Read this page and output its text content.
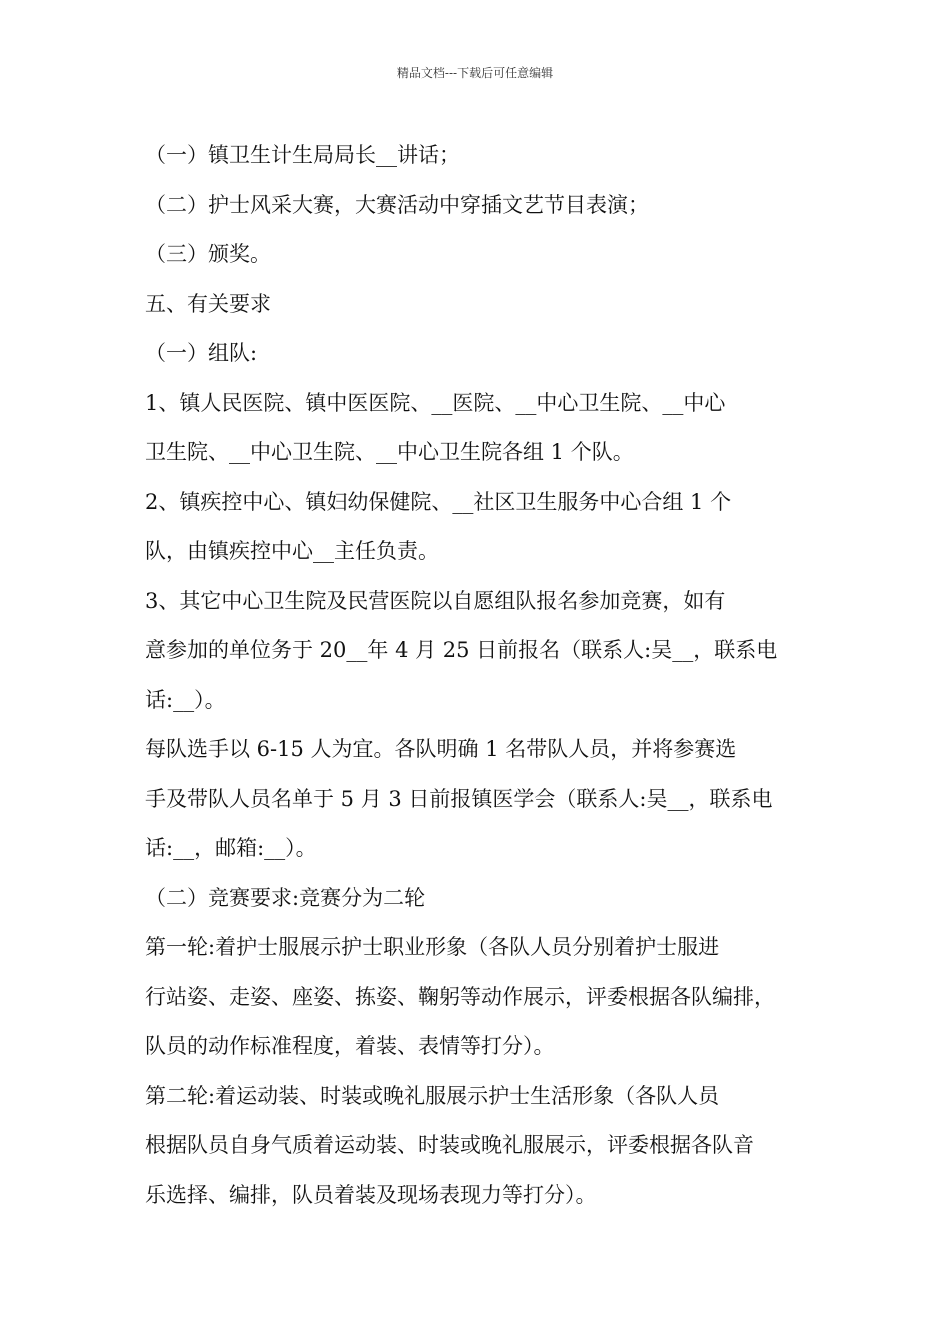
精品文档---下载后可任意编辑
（一）镇卫生计生局局长__讲话；
（二）护士风采大赛，大赛活动中穿插文艺节目表演；
（三）颁奖。
五、有关要求
（一）组队:
1、镇人民医院、镇中医医院、__医院、__中心卫生院、__中心
卫生院、__中心卫生院、__中心卫生院各组 1 个队。
2、镇疾控中心、镇妇幼保健院、__社区卫生服务中心合组 1 个
队，由镇疾控中心__主任负责。
3、其它中心卫生院及民营医院以自愿组队报名参加竞赛，如有
意参加的单位务于 20__年 4 月 25 日前报名（联系人:吴__，联系电
话:__）。
每队选手以 6-15 人为宜。各队明确 1 名带队人员，并将参赛选
手及带队人员名单于 5 月 3 日前报镇医学会（联系人:吴__，联系电
话:__，邮箱:__）。
（二）竞赛要求:竞赛分为二轮
第一轮:着护士服展示护士职业形象（各队人员分别着护士服进
行站姿、走姿、座姿、拣姿、鞠躬等动作展示，评委根据各队编排，
队员的动作标准程度，着装、表情等打分）。
第二轮:着运动装、时装或晚礼服展示护士生活形象（各队人员
根据队员自身气质着运动装、时装或晚礼服展示，评委根据各队音
乐选择、编排，队员着装及现场表现力等打分）。
